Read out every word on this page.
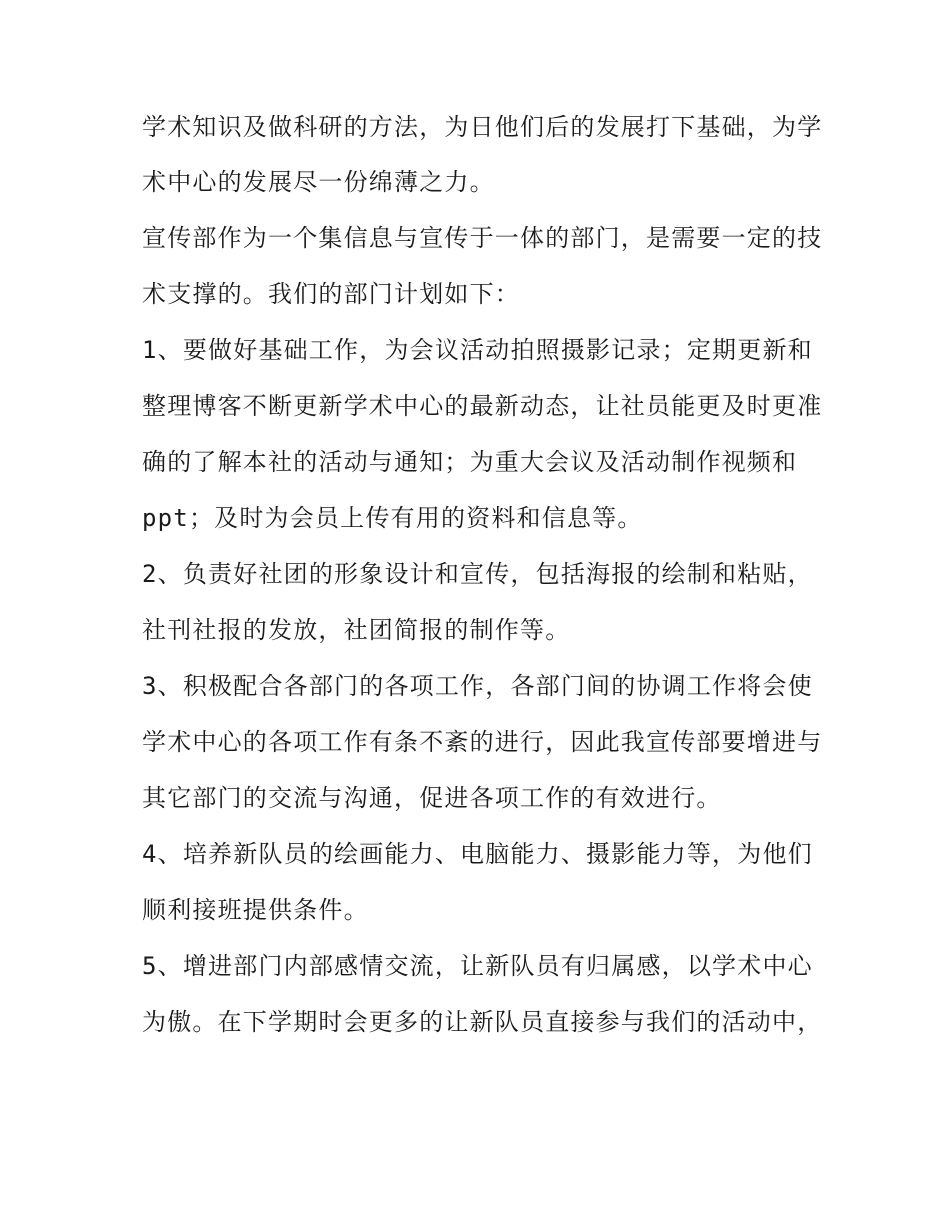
学术知识及做科研的方法，为日他们后的发展打下基础，为学

术中心的发展尽一份绵薄之力。

宣传部作为一个集信息与宣传于一体的部门，是需要一定的技

术支撑的。我们的部门计划如下：

1、要做好基础工作，为会议活动拍照摄影记录；定期更新和

整理博客不断更新学术中心的最新动态，让社员能更及时更准

确的了解本社的活动与通知；为重大会议及活动制作视频和

ppt；及时为会员上传有用的资料和信息等。

2、负责好社团的形象设计和宣传，包括海报的绘制和粘贴，

社刊社报的发放，社团简报的制作等。

3、积极配合各部门的各项工作，各部门间的协调工作将会使

学术中心的各项工作有条不紊的进行，因此我宣传部要增进与

其它部门的交流与沟通，促进各项工作的有效进行。

4、培养新队员的绘画能力、电脑能力、摄影能力等，为他们

顺利接班提供条件。

5、增进部门内部感情交流，让新队员有归属感，以学术中心

为傲。在下学期时会更多的让新队员直接参与我们的活动中，
